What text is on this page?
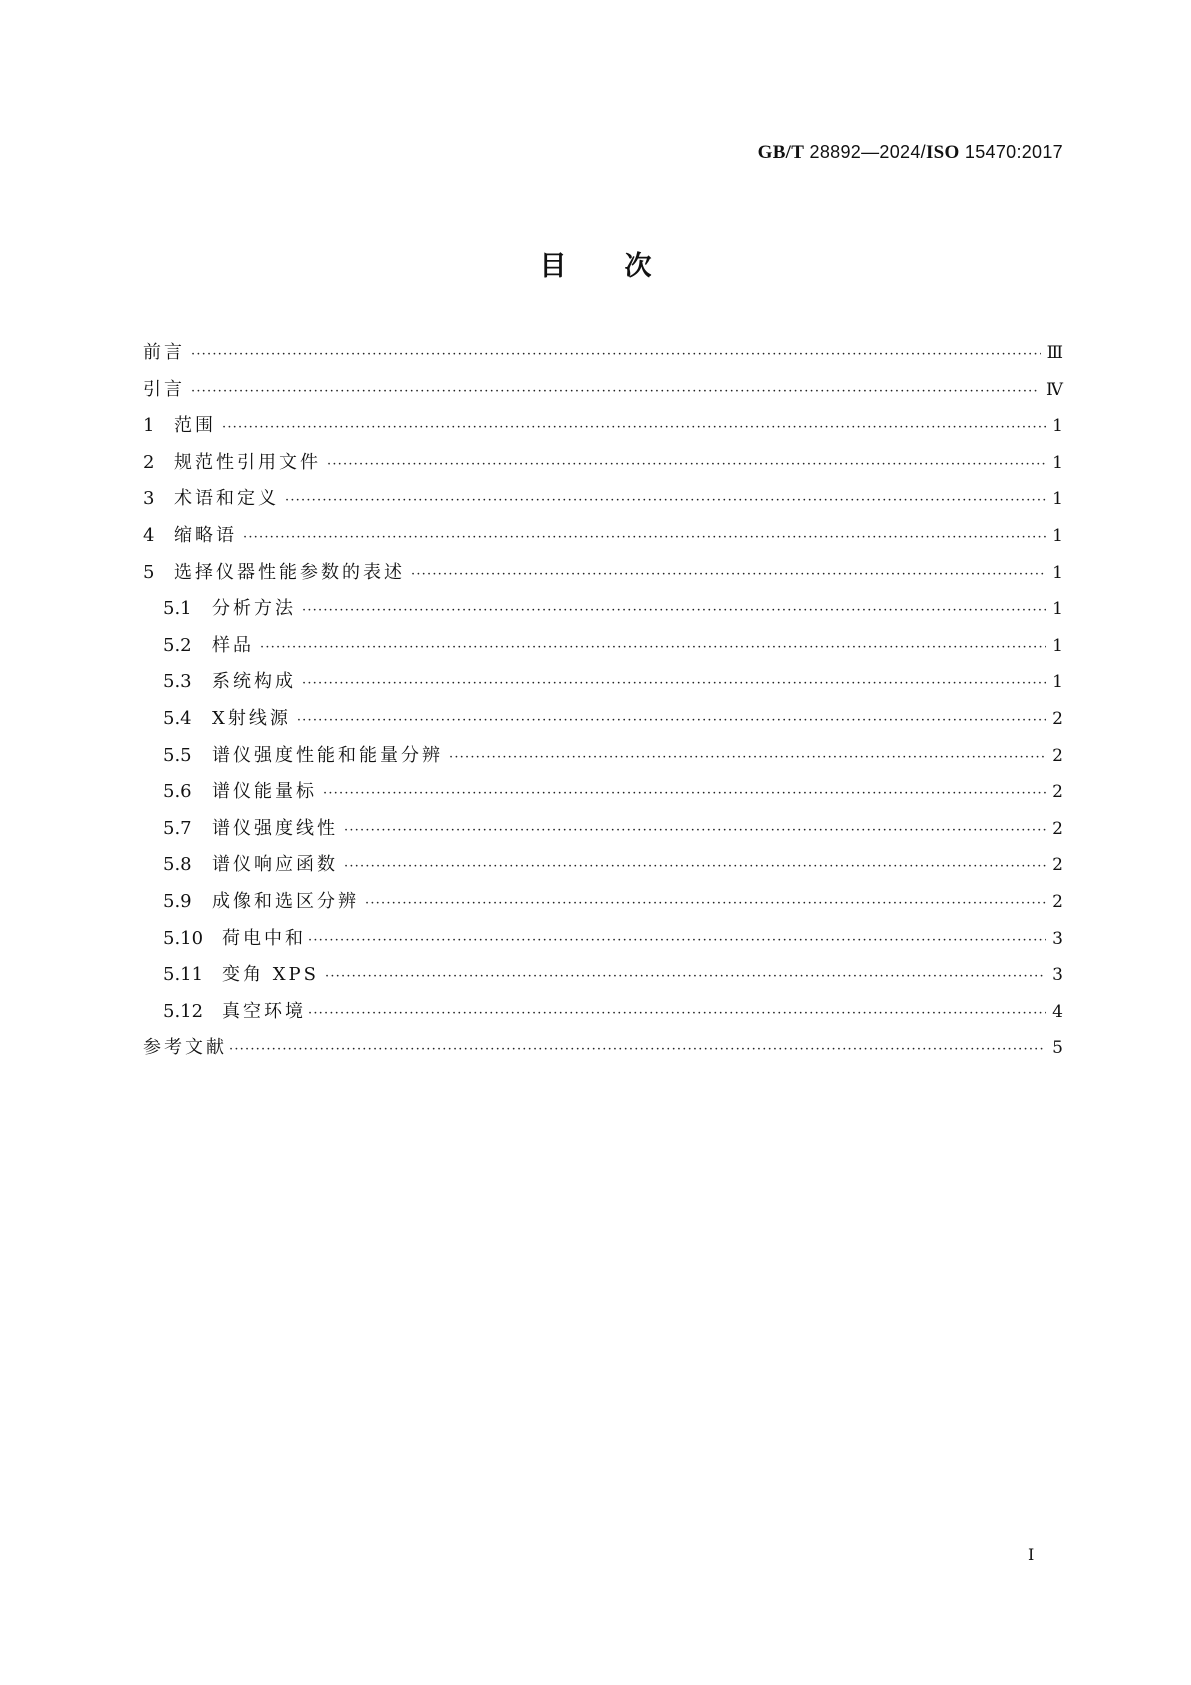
GB/T 28892—2024/ISO 15470:2017
目次
前言 ·····	Ⅲ
引言 ·····	Ⅳ
1	范围 ·····	1
2	规范性引用文件 ·····	1
3	术语和定义 ·····	1
4	缩略语 ·····	1
5	选择仪器性能参数的表述 ·····	1
5.1	分析方法 ·····	1
5.2	样品 ·····	1
5.3	系统构成 ·····	1
5.4	X射线源 ·····	2
5.5	谱仪强度性能和能量分辨 ·····	2
5.6	谱仪能量标 ·····	2
5.7	谱仪强度线性 ·····	2
5.8	谱仪响应函数 ·····	2
5.9	成像和选区分辨 ·····	2
5.10	荷电中和 ·····	3
5.11	变角 XPS ·····	3
5.12	真空环境 ·····	4
参考文献 ·····	5
I
